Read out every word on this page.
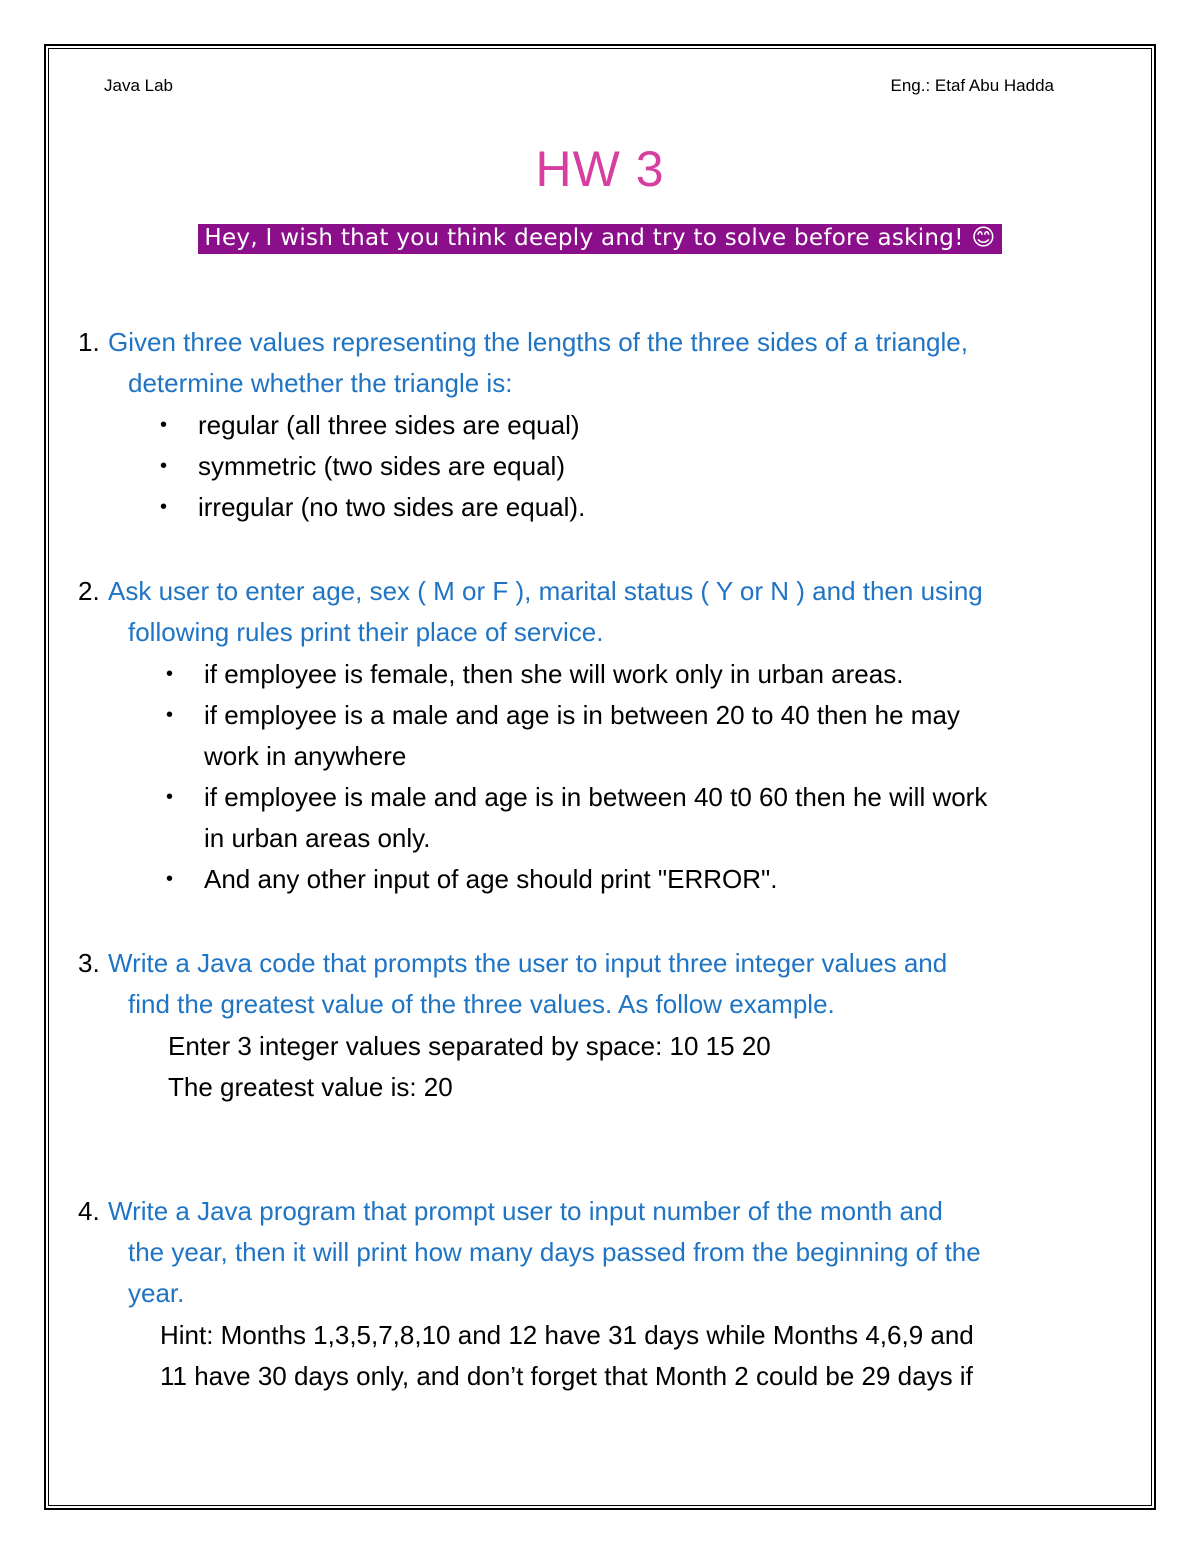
Java Lab	Eng.: Etaf Abu Hadda
HW 3
Hey, I wish that you think deeply and try to solve before asking! 😊
1. Given three values representing the lengths of the three sides of a triangle,
determine whether the triangle is:
• regular (all three sides are equal)
• symmetric (two sides are equal)
• irregular (no two sides are equal).
2. Ask user to enter age, sex ( M or F ), marital status ( Y or N ) and then using
following rules print their place of service.
• if employee is female, then she will work only in urban areas.
• if employee is a male and age is in between 20 to 40 then he may
work in anywhere
• if employee is male and age is in between 40 t0 60 then he will work
in urban areas only.
• And any other input of age should print "ERROR".
3. Write a Java code that prompts the user to input three integer values and
find the greatest value of the three values. As follow example.
Enter 3 integer values separated by space: 10 15 20
The greatest value is: 20
4. Write a Java program that prompt user to input number of the month and
the year, then it will print how many days passed from the beginning of the
year.
Hint: Months 1,3,5,7,8,10 and 12 have 31 days while Months 4,6,9 and
11 have 30 days only, and don’t forget that Month 2 could be 29 days if
